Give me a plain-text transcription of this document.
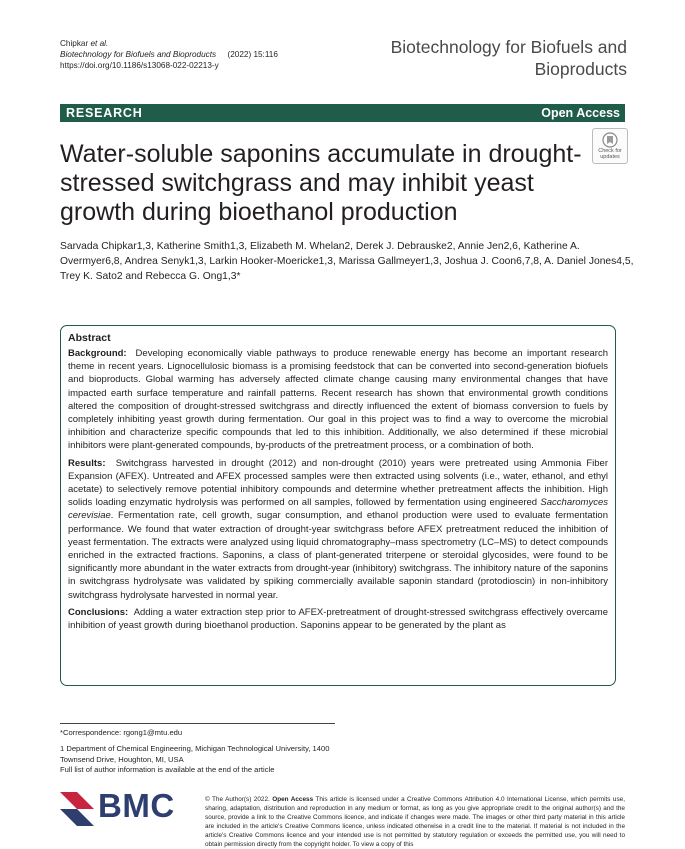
Chipkar et al.
Biotechnology for Biofuels and Bioproducts (2022) 15:116
https://doi.org/10.1186/s13068-022-02213-y
Biotechnology for Biofuels and Bioproducts
RESEARCH	Open Access
Check for updates
Water-soluble saponins accumulate in drought-stressed switchgrass and may inhibit yeast growth during bioethanol production
Sarvada Chipkar1,3, Katherine Smith1,3, Elizabeth M. Whelan2, Derek J. Debrauske2, Annie Jen2,6, Katherine A. Overmyer6,8, Andrea Senyk1,3, Larkin Hooker-Moericke1,3, Marissa Gallmeyer1,3, Joshua J. Coon6,7,8, A. Daniel Jones4,5, Trey K. Sato2 and Rebecca G. Ong1,3*
Abstract

Background: Developing economically viable pathways to produce renewable energy has become an important research theme in recent years. Lignocellulosic biomass is a promising feedstock that can be converted into second-generation biofuels and bioproducts. Global warming has adversely affected climate change causing many environmental changes that have impacted earth surface temperature and rainfall patterns. Recent research has shown that environmental growth conditions altered the composition of drought-stressed switchgrass and directly influenced the extent of biomass conversion to fuels by completely inhibiting yeast growth during fermentation. Our goal in this project was to find a way to overcome the microbial inhibition and characterize specific compounds that led to this inhibition. Additionally, we also determined if these microbial inhibitors were plant-generated compounds, by-products of the pretreatment process, or a combination of both.

Results: Switchgrass harvested in drought (2012) and non-drought (2010) years were pretreated using Ammonia Fiber Expansion (AFEX). Untreated and AFEX processed samples were then extracted using solvents (i.e., water, ethanol, and ethyl acetate) to selectively remove potential inhibitory compounds and determine whether pretreatment affects the inhibition. High solids loading enzymatic hydrolysis was performed on all samples, followed by fermentation using engineered Saccharomyces cerevisiae. Fermentation rate, cell growth, sugar consumption, and ethanol production were used to evaluate fermentation performance. We found that water extraction of drought-year switchgrass before AFEX pretreatment reduced the inhibition of yeast fermentation. The extracts were analyzed using liquid chromatography–mass spectrometry (LC–MS) to detect compounds enriched in the extracted fractions. Saponins, a class of plant-generated triterpene or steroidal glycosides, were found to be significantly more abundant in the water extracts from drought-year (inhibitory) switchgrass. The inhibitory nature of the saponins in switchgrass hydrolysate was validated by spiking commercially available saponin standard (protodioscin) in non-inhibitory switchgrass hydrolysate harvested in normal year.

Conclusions: Adding a water extraction step prior to AFEX-pretreatment of drought-stressed switchgrass effectively overcame inhibition of yeast growth during bioethanol production. Saponins appear to be generated by the plant as

*Correspondence: rgong1@mtu.edu
1 Department of Chemical Engineering, Michigan Technological University, 1400 Townsend Drive, Houghton, MI, USA
Full list of author information is available at the end of the article
BMC	© The Author(s) 2022. Open Access This article is licensed under a Creative Commons Attribution 4.0 International License, which permits use, sharing, adaptation, distribution and reproduction in any medium or format, as long as you give appropriate credit to the original author(s) and the source, provide a link to the Creative Commons licence, and indicate if changes were made. The images or other third party material in this article are included in the article's Creative Commons licence, unless indicated otherwise in a credit line to the material. If material is not included in the article's Creative Commons licence and your intended use is not permitted by statutory regulation or exceeds the permitted use, you will need to obtain permission directly from the copyright holder. To view a copy of this
